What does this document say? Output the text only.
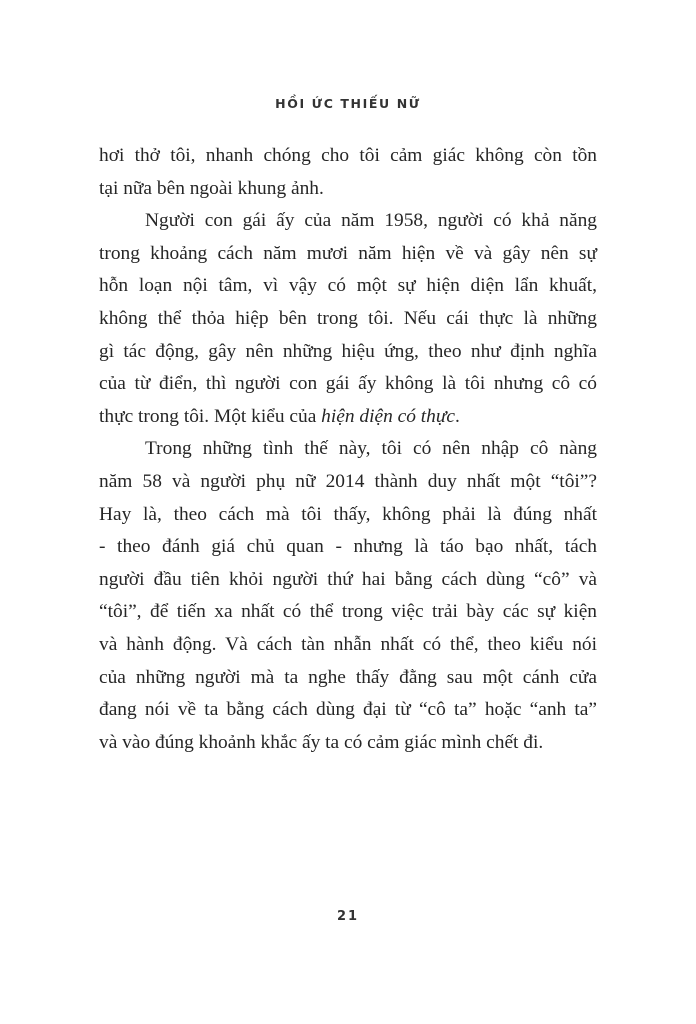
HỒI ỨC THIẾU NỮ
hơi thở tôi, nhanh chóng cho tôi cảm giác không còn tồn
tại nữa bên ngoài khung ảnh.
Người con gái ấy của năm 1958, người có khả năng
trong khoảng cách năm mươi năm hiện về và gây nên sự
hỗn loạn nội tâm, vì vậy có một sự hiện diện lẩn khuất,
không thể thỏa hiệp bên trong tôi. Nếu cái thực là những
gì tác động, gây nên những hiệu ứng, theo như định nghĩa
của từ điển, thì người con gái ấy không là tôi nhưng cô có
thực trong tôi. Một kiểu của hiện diện có thực.
Trong những tình thế này, tôi có nên nhập cô nàng
năm 58 và người phụ nữ 2014 thành duy nhất một “tôi”?
Hay là, theo cách mà tôi thấy, không phải là đúng nhất
- theo đánh giá chủ quan - nhưng là táo bạo nhất, tách
người đầu tiên khỏi người thứ hai bằng cách dùng “cô” và
“tôi”, để tiến xa nhất có thể trong việc trải bày các sự kiện
và hành động. Và cách tàn nhẫn nhất có thể, theo kiểu nói
của những người mà ta nghe thấy đằng sau một cánh cửa
đang nói về ta bằng cách dùng đại từ “cô ta” hoặc “anh ta”
và vào đúng khoảnh khắc ấy ta có cảm giác mình chết đi.
21
